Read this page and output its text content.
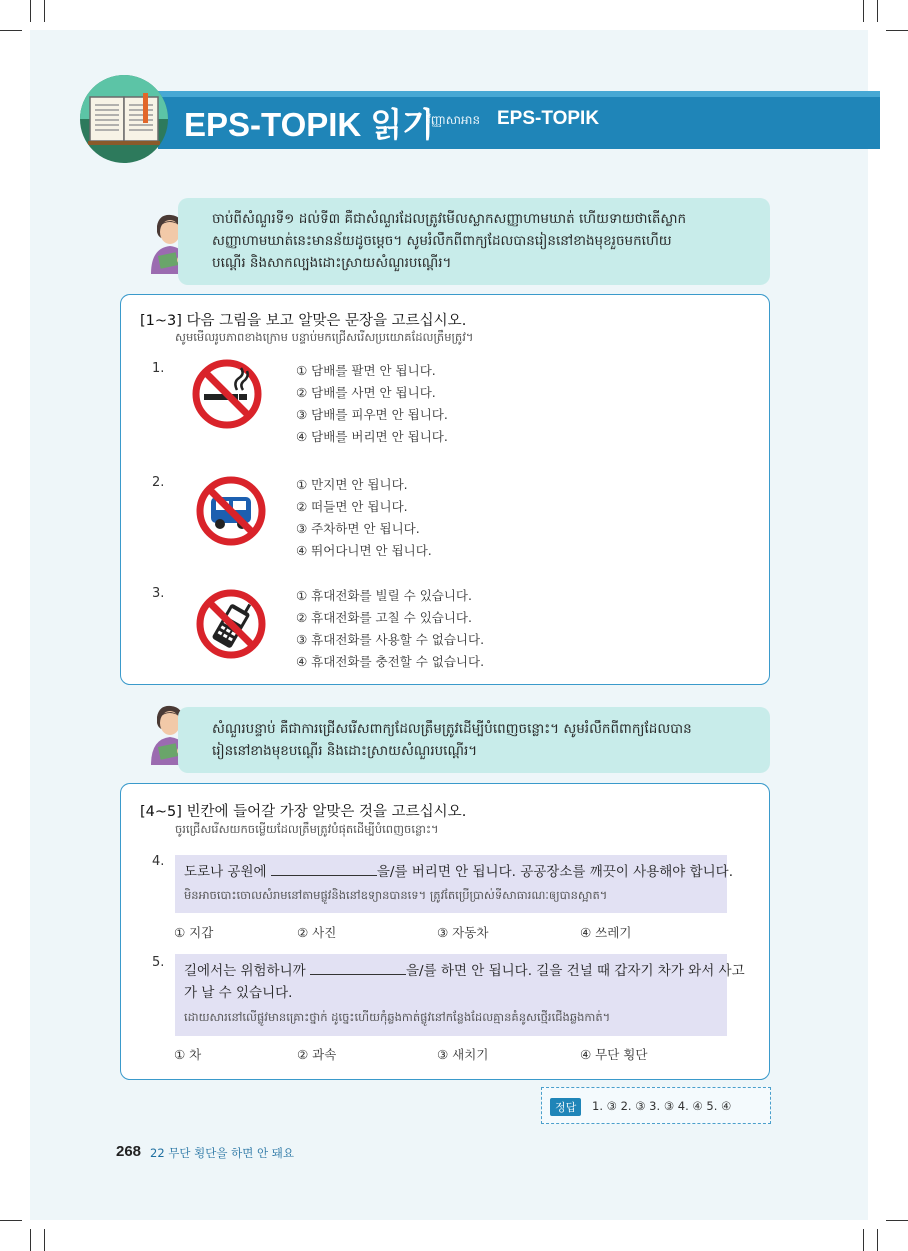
EPS-TOPIK 읽기
វិញ្ញាសាអាន EPS-TOPIK

ចាប់ពីសំណួរទី១ ដល់ទី៣ គឺជាសំណួរដែលត្រូវមើលស្លាកសញ្ញាហាមឃាត់ ហើយទាយថាតើស្លាក

សញ្ញាហាមឃាត់នេះមានន័យដូចម្ដេច។ សូមរំលឹកពីពាក្យដែលបានរៀននៅខាងមុខរួចមកហើយ

បណ្ដើរ និងសាកល្បងដោះស្រាយសំណួរបណ្ដើរ។

[1~3] 다음 그림을 보고 알맞은 문장을 고르십시오.
សូមមើលរូបភាពខាងក្រោម បន្ទាប់មកជ្រើសរើសប្រយោគដែលត្រឹមត្រូវ។
1.	① 담배를 팔면 안 됩니다.
② 담배를 사면 안 됩니다.
③ 담배를 피우면 안 됩니다.
④ 담배를 버리면 안 됩니다.
2.	① 만지면 안 됩니다.
② 떠들면 안 됩니다.
③ 주차하면 안 됩니다.
④ 뛰어다니면 안 됩니다.
3.	① 휴대전화를 빌릴 수 있습니다.
② 휴대전화를 고칠 수 있습니다.
③ 휴대전화를 사용할 수 없습니다.
④ 휴대전화를 충전할 수 없습니다.

សំណួរបន្ទាប់ គឺជាការជ្រើសរើសពាក្យដែលត្រឹមត្រូវដើម្បីបំពេញចន្លោះ។ សូមរំលឹកពីពាក្យដែលបាន

រៀននៅខាងមុខបណ្ដើរ និងដោះស្រាយសំណួរបណ្ដើរ។

[4~5] 빈칸에 들어갈 가장 알맞은 것을 고르십시오.
ចូរជ្រើសរើសយកចម្លើយដែលត្រឹមត្រូវបំផុតដើម្បីបំពេញចន្លោះ។
4.
도로나 공원에	을/를 버리면 안 됩니다. 공공장소를 깨끗이 사용해야 합니다.
មិនអាចបោះចោលសំរាមនៅតាមផ្លូវនិងនៅឧទ្យានបានទេ។ ត្រូវតែប្រើប្រាស់ទីសាធារណៈឲ្យបានស្អាត។
① 지갑	② 사진	③ 자동차	④ 쓰레기
5.
길에서는 위험하니까	을/를 하면 안 됩니다. 길을 건널 때 갑자기 차가 와서 사고
가 날 수 있습니다.
ដោយសារនៅលើផ្លូវមានគ្រោះថ្នាក់ ដូច្នេះហើយកុំឆ្លងកាត់ផ្លូវនៅកន្លែងដែលគ្មានគំនូសថ្មើរជើងឆ្លងកាត់។
① 차	② 과속	③ 새치기	④ 무단 횡단
정답	1. ③ 2. ③ 3. ③ 4. ④ 5. ④
268 22 무단 횡단을 하면 안 돼요
